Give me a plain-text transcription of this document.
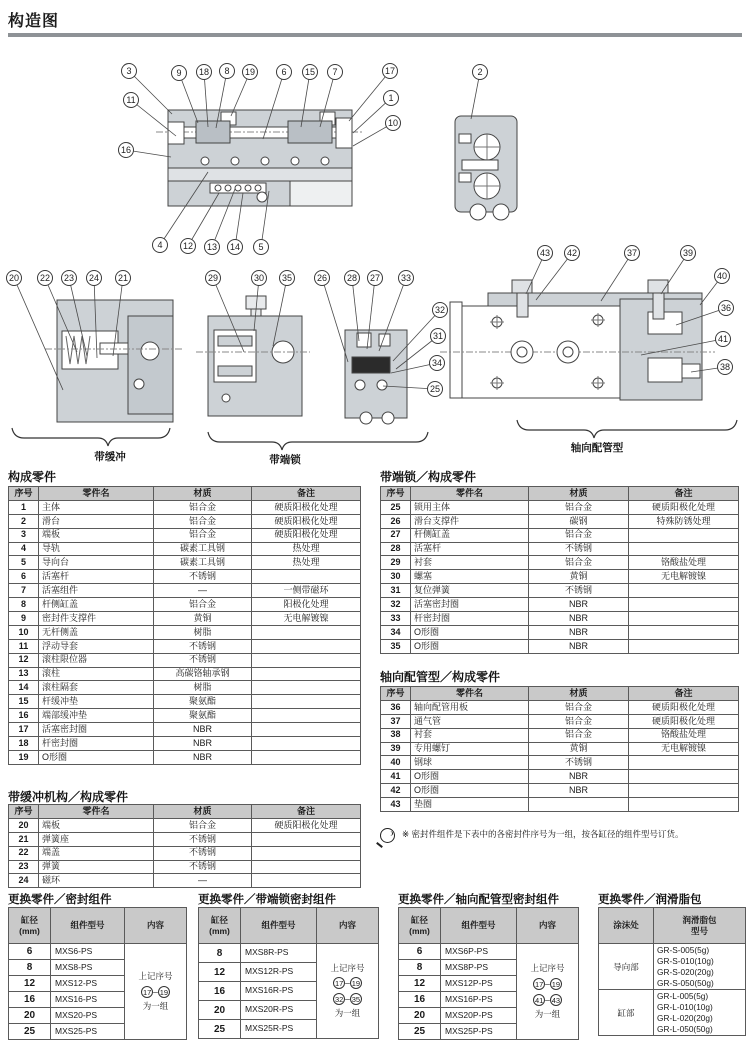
构造图
3	9	18	8	19	6	15	7	17
11	1
10
16
4	12	13	14	5
2
20	22	23	24	21	29	30	35	26	28	27	33
32
31
34
25
43	42	37	39
40
36
41
38
带缓冲	带端锁
轴向配管型
构成零件
序号	零件名	材质	备注
1	主体	铝合金	硬质阳极化处理
2	滑台	铝合金	硬质阳极化处理
3	端板	铝合金	硬质阳极化处理
4	导轨	碳素工具钢	热处理
5	导向台	碳素工具钢	热处理
6	活塞杆	不锈钢	
7	活塞组件	—	一侧带磁环
8	杆侧缸盖	铝合金	阳极化处理
9	密封件支撑件	黄铜	无电解镀镍
10	无杆侧盖	树脂	
11	浮动导套	不锈钢	
12	滚柱限位器	不锈钢	
13	滚柱	高碳铬轴承钢	
14	滚柱隔套	树脂	
15	杆缓冲垫	聚氨酯	
16	端部缓冲垫	聚氨酯	
17	活塞密封圈	NBR	
18	杆密封圈	NBR	
19	O形圈	NBR	
带缓冲机构／构成零件
序号	零件名	材质	备注
20	端板	铝合金	硬质阳极化处理
21	弹簧座	不锈钢	
22	端盖	不锈钢	
23	弹簧	不锈钢	
24	磁环	—	
带端锁／构成零件
序号	零件名	材质	备注
25	锁用主体	铝合金	硬质阳极化处理
26	滑台支撑件	碳钢	特殊防锈处理
27	杆侧缸盖	铝合金	
28	活塞杆	不锈钢	
29	衬套	铝合金	铬酸盐处理
30	螺塞	黄铜	无电解镀镍
31	复位弹簧	不锈钢	
32	活塞密封圈	NBR	
33	杆密封圈	NBR	
34	O形圈	NBR	
35	O形圈	NBR	
轴向配管型／构成零件
序号	零件名	材质	备注
36	轴向配管用板	铝合金	硬质阳极化处理
37	通气管	铝合金	硬质阳极化处理
38	衬套	铝合金	铬酸盐处理
39	专用螺钉	黄铜	无电解镀镍
40	钢球	不锈钢	
41	O形圈	NBR	
42	O形圈	NBR	
43	垫圈		
※ 密封件组件是下表中的各密封件序号为一组，按各缸径的组件型号订货。
更换零件／密封组件
缸径
(mm)	组件型号	内容
6	MXS6-PS	上记序号
17 – 19
为一组

8	MXS8-PS	
12	MXS12-PS	
16	MXS16-PS	
20	MXS20-PS	
25	MXS25-PS	
更换零件／带端锁密封组件
缸径
(mm)	组件型号	内容
8	MXS8R-PS	上记序号
17 – 19
32 – 35
为一组

12	MXS12R-PS	
16	MXS16R-PS	
20	MXS20R-PS	
25	MXS25R-PS	
更换零件／轴向配管型密封组件
缸径
(mm)	组件型号	内容
6	MXS6P-PS	上记序号
17 – 19
41 – 43
为一组

8	MXS8P-PS	
12	MXS12P-PS	
16	MXS16P-PS	
20	MXS20P-PS	
25	MXS25P-PS	
更换零件／润滑脂包
涂沫处	润滑脂包
型号
导向部	GR-S-005(5g)
GR-S-010(10g)
GR-S-020(20g)
GR-S-050(50g)
缸部	GR-L-005(5g)
GR-L-010(10g)
GR-L-020(20g)
GR-L-050(50g)
